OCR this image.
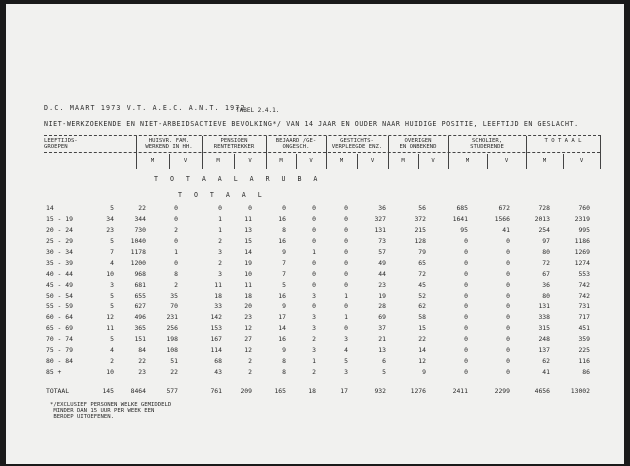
D.C. MAART 1973 V.T. A.E.C. A.N.T. 1972
TABEL 2.4.1.
NIET-WERKZOEKENDE EN NIET-ARBEIDSACTIEVE BEVOLKING*/ VAN 14 JAAR EN OUDER NAAR HUIDIGE POSITIE, LEEFTIJD EN GESLACHT.
LEEFTIJDS-
GROEPEN
HUISVR. FAM.
WERKEND IN HH.
M	V
PENSIOEN
RENTETREKKER
M	V
BEJAARD /GE-
ONGESCH.
M	V
GESTICHTS-
VERPLEEGDE ENZ.
M	V
OVERIGEN
EN ONBEKEND
M	V
SCHOLIER,
STUDERENDE
M	V
T O T A A L
M	V
T O T A A L A R U B A
T O T A A L
14	5	22	0	0	0	0	0	0	36	56	685	672	728	760
15 - 19	34	344	0	1	11	16	0	0	327	372	1641	1566	2013	2319
20 - 24	23	730	2	1	13	8	0	0	131	215	95	41	254	995
25 - 29	5	1040	0	2	15	16	0	0	73	128	0	0	97	1186
30 - 34	7	1178	1	3	14	9	1	0	57	79	0	0	80	1269
35 - 39	4	1200	0	2	19	7	0	0	49	65	0	0	72	1274
40 - 44	10	968	8	3	10	7	0	0	44	72	0	0	67	553
45 - 49	3	681	2	11	11	5	0	0	23	45	0	0	36	742
50 - 54	5	655	35	18	18	16	3	1	19	52	0	0	80	742
55 - 59	5	627	70	33	20	9	0	0	28	62	0	0	131	731
60 - 64	12	496	231	142	23	17	3	1	69	58	0	0	338	717
65 - 69	11	365	256	153	12	14	3	0	37	15	0	0	315	451
70 - 74	5	151	198	167	27	16	2	3	21	22	0	0	248	359
75 - 79	4	84	108	114	12	9	3	4	13	14	0	0	137	225
80 - 84	2	22	51	68	2	8	1	5	6	12	0	0	62	116
85 +	10	23	22	43	2	8	2	3	5	9	0	0	41	86
TOTAAL	145	8464	577	761	209	165	18	17	932	1276	2411	2299	4656	13002
*/EXCLUSIEF PERSONEN WELKE GEMIDDELD
MINDER DAN 15 UUR PER WEEK EEN
BEROEP UITOEFENEN.
